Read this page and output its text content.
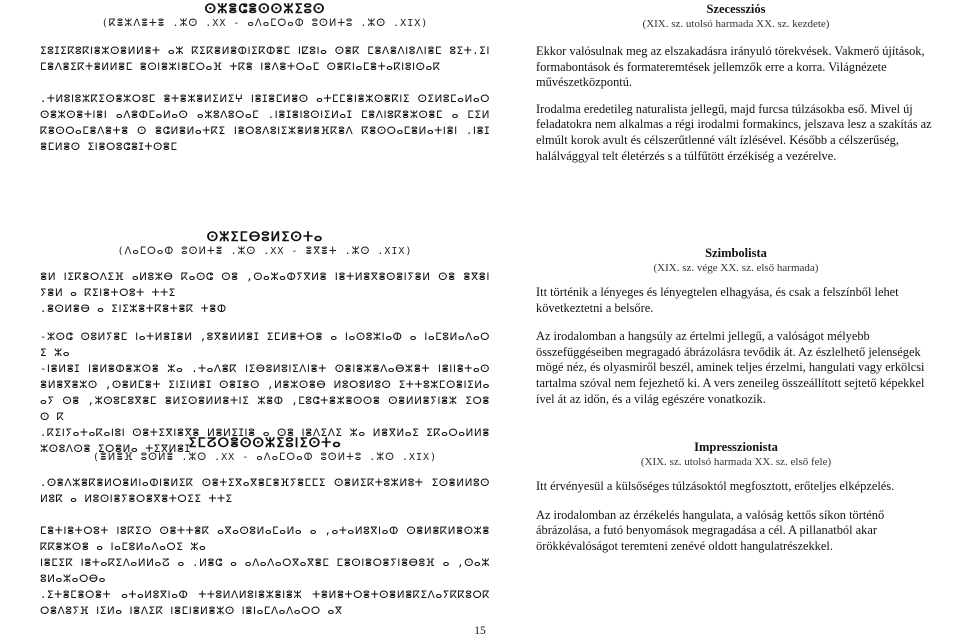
ⵙⵣⴻⵛⴻⵙⵙⵣⵉⵓⵙ
(ⴽⴻⵣⴷⴻⵜⴻ .ⵣⵙ .XX - ⴰⴷⴰⵎⵔⴰⵀ ⵓⵙⵍⵜⵓ .ⵣⵙ .XIX)

ⵉⵓⵊⵉⴽⵓⴽⵏⴻⵣⵙⴻⵍⵍⴻⵜ ⴰⵣ ⴽⵉⴽⴻⵍⴻⵀⵏⵉⴽⵀⴻⵎ ⵏⵇⵓⵏⴰ ⵙⴻⴽ ⵎⴻⴷⴻⴷⵏⵓⴷⵏⴻⵎ ⵓⵉⵜ.ⵉⵏⵎⴻⴷⴻⵉⴽⵜⴻⵍⵍⴻⵎ ⴻⵙⵏⴻⵣⵏⴻⵎⵔⴰⴼ ⵜⴽⴻ ⵏⴻⴷⴻⵜⵔⴰⵎ ⵙⴻⴽⵏⴰⵎⴻⵜⴰⴽⵏⵓⵏⵙⴰⴽ

.ⵜⵍⵓⵏⵓⵣⴽⵉⵙⴻⵣⵔⵓⵎ ⴻⵜⴻⵣⴻⵍⵉⵍⵉⵖ ⵏⴻⵊⴻⵎⵍⴻⵙ ⴰⵜⵎⵎⴻⵏⴻⵣⵙⴻⴽⵏⵉ ⵙⵉⵍⵓⵎⴰⵍⴰⵔⵙⴻⵣⵙⴻⵜⵏⴻⵏ ⴰⴷⴻⵀⵎⴰⵍⴰⵙ ⴰⵣⵓⴷⵓⵔⴰⵎ .ⵏⴻⵊⴻⵏⵓⵙⵏⵉⵍⴰⵊ ⵎⴻⴷⵏⵓⴽⴻⵣⵙⴻⵎ ⴰ ⵎⵉⵍ ⴽⴻⵙⵔⴰⵎⴻⴷⴻⵜⴻ ⵙ ⴻⵛⵍⴻⵍⴰⵜⴽⵉ ⵏⴻⵔⵓⴷⵓⵏⵉⵣⴻⵍⴻⴼⴽⴻⴷ ⴽⴻⵙⵔⴰⵎⴻⵍⴰⵜⵏⴻⵏ .ⵏⴻⵊⴻⵎⵍⴻⵙ ⵉⵏⴻⵔⵓⵛⴻⵊⵜⵙⴻⵎ

Szecessziós
(XIX. sz. utolsó harmada XX. sz. kezdete)

Ekkor valósulnak meg az elszakadásra irányuló törekvések. Vakmerő újítások, formabontások és formateremtések jellemzők erre a korra. Világnézete művészetközpontú.

Irodalma eredetileg naturalista jellegű, majd furcsa túlzásokba eső. Mivel új feladatokra nem alkalmas a régi irodalmi formakincs, jelszava lesz a szakítás az elmúlt korok avult és célszerűtlenné vált ízlésével. Később a célszerűség, halálvággyal telt életérzés s a túlfűtött érzékiség a vezérelve.

ⵙⵣⵉⵎⴱⵓⵍⵉⵙⵜⴰ
(ⴷⴰⵎⵔⴰⵀ ⵓⵙⵍⵜⴻ .ⵣⵙ .XX - ⴻⴳⴻⵜ .ⵣⵙ .XIX)

ⴻⵍ ⵏⵉⴽⴻⵔⴷⵉⴼ ⴰⵍⵓⵣⴱ ⴽⴰⵙⵛ ⵙⴻ ,ⵙⴰⵣⴰⵀⵢⴳⵍⴻ ⵏⴻⵜⵍⴻⴳⴻⵙⴻⵏⵢⴻⵍ ⵙⴻ ⴻⴳⴻⵏⵢⴻⵍ ⴰ ⴽⵉⵏⴻⵜⵔⵓⵜ ⵜⵜⵉ

.ⴻⵙⵍⴻⴱ ⴰ ⵉⵏⵉⵣⴻⵜⴽⴻⵜⴻⴽ ⵜⴻⵀ

-ⵣⵙⵛ ⵙⵓⵍⵢⴻⵎ ⵏⴰⵜⵍⴻⵊⴻⵍ ,ⵓⴳⴻⵍⵍⴻⵊ ⵉⵎⵍⴻⵜⵔⴻ ⴰ ⵏⴰⵙⵓⵣⵏⴰⵀ ⴰ ⵏⴰⵎⵓⵍⴰⴷⴰⵔⵉ ⵣⴰ

-ⵏⴻⵍⴻⵊ ⵏⴻⵍⴻⵀⴻⵣⵙⴻ ⵣⴰ .ⵜⴰⴷⴻⴽ ⵏⵉⴱⵓⵍⵓⵏⵉⴷⵏⴻⵜ ⵙⴻⵏⴻⵣⴻⴷⴰⴱⵣⴻⵜ ⵏⴻⵏⵏⴻⵜⴰⵙⴻⵍⴻⴳⴻⵣⵙ ,ⵙⴻⵍⵎⴻⵜ ⵉⵏⵉⵏⵍⴻⵊ ⵙⴻⵊⴻⵙ ,ⵍⴻⵣⵙⴻⴱ ⵍⵓⵔⵓⵍⵓⵙ ⵉⵜⵜⵓⵣⵎⵙⴻⵏⵉⵍⴰ ⴰⵢ ⵙⴻ ,ⵣⵙⵓⵎⵓⴳⴻⵎ ⴻⵍⵉⵙⴻⵍⵍⴻⵜⵏⵉ ⵣⴻⵀ ,ⵎⵓⵛⵜⴻⵣⴻⵙⵙⴻ ⵙⴻⵍⵍⴻⵢⵏⴻⵣ ⵉⵔⴻⵙ ⴽ

.ⴽⵉⵏⵢⴰⵜⴰⴽⴰⵏⵓⵏ ⵙⴻⵜⵉⴳⵏⴻⴳⴻ ⵍⴻⵍⵉⵊⵏⴻ ⴰ ⵙⴻ ⵏⴻⴷⵉⴷⵉ ⵣⴰ ⵍⴻⴳⵍⴰⵉ ⵉⴽⴰⵔⴰⵍⵍⴻⵣⵙⵓⴷⵙⴻ ⵉⵔⴻⵍⴰ ⵜⵉⴳⵍⴻⵊ

Szimbolista
(XIX. sz. vége XX. sz. első harmada)

Itt történik a lényeges és lényegtelen elhagyása, és csak a felszínből lehet következtetni a belsőre.

Az irodalomban a hangsúly az értelmi jellegű, a valóságot mélyebb összefüggéseiben megragadó ábrázolásra tevődik át. Az észlelhető jelenségek mögé néz, és olyasmiről beszél, aminek teljes érzelmi, hangulati vagy erkölcsi tartalma szóval nem fejezhető ki. A vers zeneileg összeállított sejtető képekkel ível át az időn, és a világ egészére vonatkozik.

ⵉⵎⵒⵔⴻⵙⵙⵣⵉⵓⵏⵉⵙⵜⴰ
(ⴻⵍⴻⴼ ⵓⵙⵍⴻ .ⵣⵙ .XX - ⴰⴷⴰⵎⵔⴰⵀ ⵓⵙⵍⵜⵓ .ⵣⵙ .XIX)

.ⵙⴻⴷⵣⴻⴽⴻⵍⵔⴻⵍⵏⴰⵀⵏⴻⵍⵉⴽ ⵙⴻⵜⵉⴳⴰⴳⴻⵎⴻⴼⵢⴻⵎⵎⵉ ⵙⴻⵍⵉⴽⵜⵓⵣⵍⵓⵜ ⵉⵙⴻⵍⵍⵓⵙⵍⵓⴽ ⴰ ⵍⵓⵙⵏⴻⵢⴻⵔⴻⴳⴻⵜⵔⵉⵉ ⵜⵜⵉ

ⵎⴻⵜⵏⴻⵜⵔⵓⵜ ⵏⵓⴽⵉⵙ ⵙⴻⵜⵜⴻⴽ ⴰⴳⴰⵙⵓⵍⴰⵎⴰⵍⴰ ⴰ ,ⴰⵜⴰⵍⵓⴳⵏⴰⵀ ⵙⴻⵍⴻⴽⵍⴻⵙⵣⴻⴽⴽⴻⵣⵙⴻ ⴰ ⵏⴰⵎⵓⵍⴰⴷⴰⵔⵉ ⵣⴰ

ⵏⴻⵎⵉⴽ ⵏⴻⵜⴰⴽⵉⴷⴰⵍⵍⴰⵒ ⴰ .ⵍⴻⵛ ⴰ ⴰⴷⴰⴷⴰⵔⴳⴰⴳⴻⵎ ⵎⴻⵙⵏⴻⵔⴻⵢⵏⴻⴱⵓⴼ ⴰ ,ⵙⴰⵣⵓⵍⴰⵣⴰⵔⴱⴰ

.ⵉⵜⴻⵎⴻⵔⴻⵜ ⴰⵜⴰⵍⵓⴳⵏⴰⵀ ⵜⵜⵓⵍⴷⵍⵓⵏⴻⵣⴻⵏⴻⵣ ⵜⴻⵍⴻⵜⵔⴻⵜⵙⴻⵍⴻⴽⵉⴷⴰⵢⴽⴽⵓⵔⴽⵔⴻⴷⵓⵢⴼ ⵏⵉⵍⴰ ⵏⴻⴷⵉⴽ ⵏⴻⵎⵏⴻⵍⴻⵣⵙ ⵏⴻⵏⴰⵎⴷⴰⴷⴰⵔⵔ ⴰⴳ

Impresszionista
(XIX. sz. utolsó harmada XX. sz. első fele)

Itt érvényesül a külsőséges túlzásoktól megfosztott, erőteljes elképzelés.

Az irodalomban az érzékelés hangulata, a valóság kettős síkon történő ábrázolása, a futó benyomások megragadása a cél. A pillanatból akar örökkévalóságot teremteni zenévé oldott hangulatrészekkel.

15
